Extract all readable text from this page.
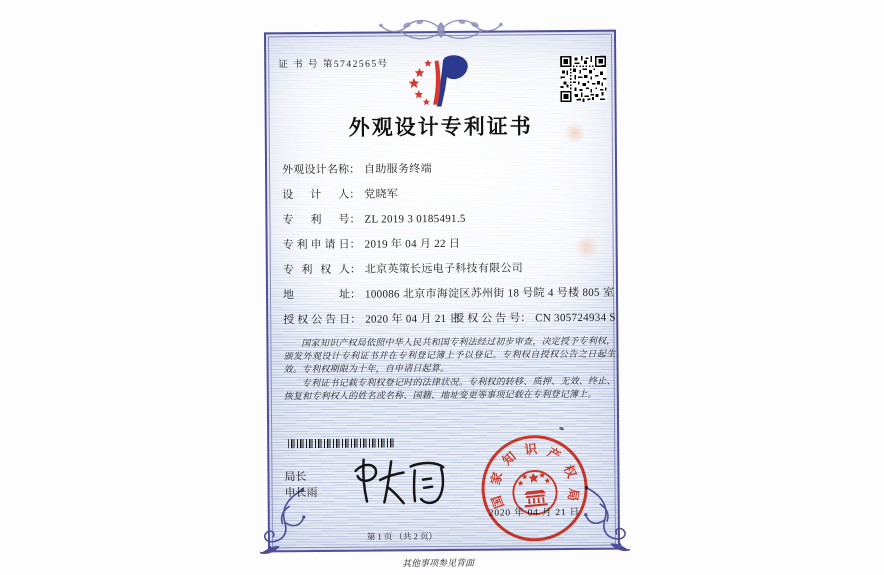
证 书 号 第5742565号
外观设计专利证书
外观设计名称： 自助服务终端
设 计 人： 党晓军
专 利 号： ZL 2019 3 0185491.5
专利申请日： 2019 年 04 月 22 日
专 利 权 人： 北京英策长远电子科技有限公司
地 址： 100086 北京市海淀区苏州街 18 号院 4 号楼 805 室
授权公告日： 2020 年 04 月 21 日
授权公告号： CN 305724934 S

国家知识产权局依照中华人民共和国专利法经过初步审查，决定授予专利权，颁发外观设计专利证书并在专利登记簿上予以登记。专利权自授权公告之日起生效。专利权期限为十年，自申请日起算。

专利证书记载专利权登记时的法律状况。专利权的转移、质押、无效、终止、恢复和专利权人的姓名或名称、国籍、地址变更等事项记载在专利登记簿上。

局长
申长雨
国
家
知 识 产
权
局
2020 年 04 月 21 日
第 1 页 （共 2 页）
其他事项参见背面
